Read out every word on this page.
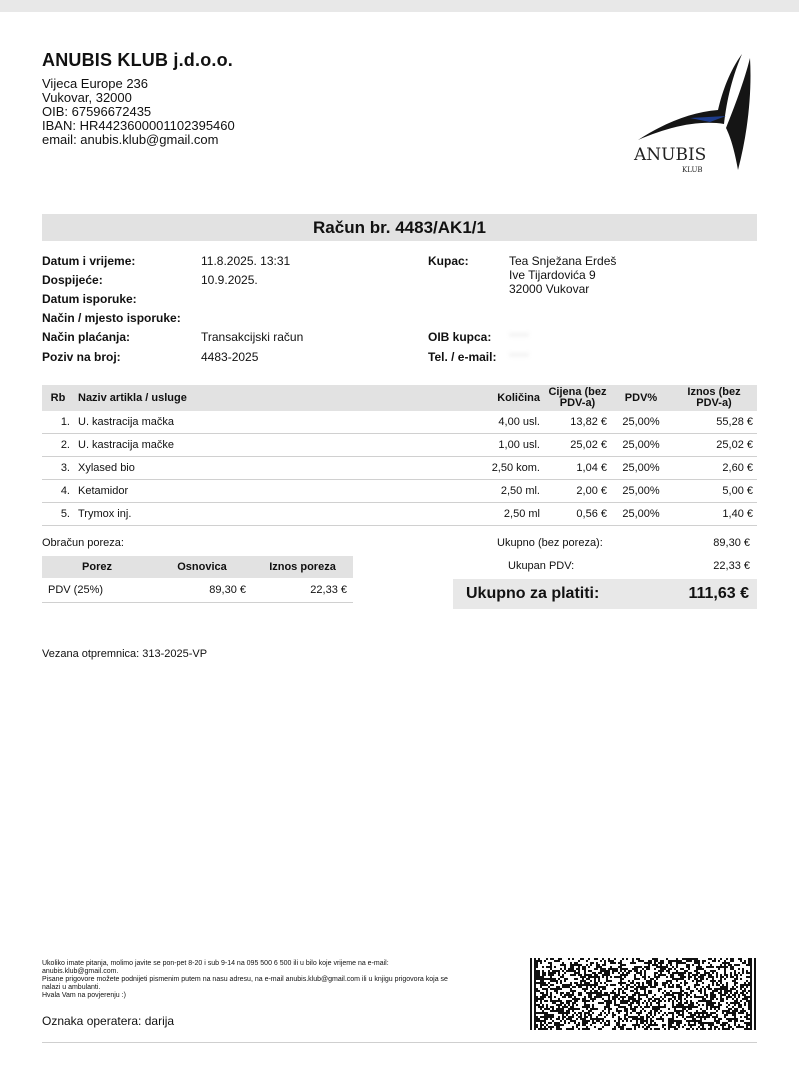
ANUBIS KLUB j.d.o.o.
Vijeca Europe 236
Vukovar, 32000
OIB: 67596672435
IBAN: HR4423600001102395460
email: anubis.klub@gmail.com
ANUBIS
KLUB
Račun br. 4483/AK1/1
Datum i vrijeme:	11.8.2025. 13:31
Dospijeće:	10.9.2025.
Datum isporuke:
Način / mjesto isporuke:
Način plaćanja:	Transakcijski račun
Poziv na broj:	4483-2025
Kupac:	Tea Snježana Erdeš
Ive Tijardovića 9
32000 Vukovar
OIB kupca: ·····
Tel. / e-mail: ·····
Rb	Naziv artikla / usluge	Količina	Cijena (bez PDV-a)	PDV%	Iznos (bez PDV-a)
1.	U. kastracija mačka	4,00 usl.	13,82 €	25,00%	55,28 €
2.	U. kastracija mačke	1,00 usl.	25,02 €	25,00%	25,02 €
3.	Xylased bio	2,50 kom.	1,04 €	25,00%	2,60 €
4.	Ketamidor	2,50 ml.	2,00 €	25,00%	5,00 €
5.	Trymox inj.	2,50 ml	0,56 €	25,00%	1,40 €
Obračun poreza:
Porez	Osnovica	Iznos poreza
PDV (25%)	89,30 €	22,33 €
Ukupno (bez poreza):	89,30 €
Ukupan PDV:	22,33 €
Ukupno za platiti:	111,63 €
Vezana otpremnica: 313-2025-VP
Ukoliko imate pitanja, molimo javite se pon-pet 8-20 i sub 9-14 na 095 500 6 500 ili u bilo koje vrijeme na e-mail:
anubis.klub@gmail.com.
Pisane prigovore možete podnijeti pismenim putem na nasu adresu, na e-mail anubis.klub@gmail.com ili u knjigu prigovora koja se
nalazi u ambulanti.
Hvala Vam na povjerenju :)
Oznaka operatera: darija
